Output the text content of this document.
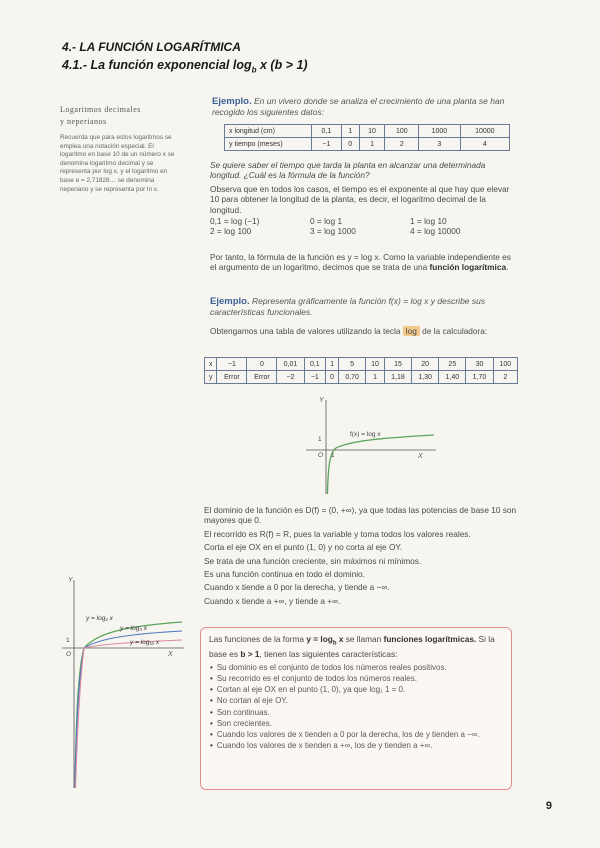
4.- LA FUNCIÓN LOGARÍTMICA
4.1.- La función exponencial $\log_b x$ (b > 1)
Logaritmos decimales
y neperianos
Recuerda que para estos logaritmos se emplea una notación especial. El logaritmo en base 10 de un número x se denomina logaritmo decimal y se representa por log x, y el logaritmo en base e = 2,71828… se denomina neperiano y se representa por ln x.
Ejemplo. En un vivero donde se analiza el crecimiento de una planta se han recogido los siguientes datos:
x longitud (cm)	0,1	1	10	100	1000	10000
y tiempo (meses)	−1	0	1	2	3	4
Se quiere saber el tiempo que tarda la planta en alcanzar una determinada longitud. ¿Cuál es la fórmula de la función?
Observa que en todos los casos, el tiempo es el exponente al que hay que elevar 10 para obtener la longitud de la planta, es decir, el logaritmo decimal de la longitud.
0,1 = log (−1)	0 = log 1	1 = log 10
2 = log 100	3 = log 1000	4 = log 10000
Por tanto, la fórmula de la función es y = log x. Como la variable independiente es el argumento de un logaritmo, decimos que se trata de una función logarítmica.
Ejemplo. Representa gráficamente la función f(x) = log x y describe sus características funcionales.
Obtengamos una tabla de valores utilizando la tecla log de la calculadora:
x	−1	0	0,01	0,1	1	5	10	15	20	25	30	100
y	Error	Error	−2	−1	0	0,70	1	1,18	1,30	1,40	1,70	2
Y
X
f(x) = log x
1
O 1
El dominio de la función es D(f) = (0, +∞), ya que todas las potencias de base 10 son mayores que 0.
El recorrido es R(f) = R, pues la variable y toma todos los valores reales.
Corta el eje OX en el punto (1, 0) y no corta al eje OY.
Se trata de una función creciente, sin máximos ni mínimos.
Es una función continua en todo el dominio.
Cuando x tiende a 0 por la derecha, y tiende a −∞.
Cuando x tiende a +∞, y tiende a +∞.
Y
X
O
1
y = log₂ x
y = log₃ x
y = log₁₀ x	Las funciones de la forma $y = \log_b x$ se llaman funciones logarítmicas. Si la base es b > 1, tienen las siguientes características:
• Su dominio es el conjunto de todos los números reales positivos.
• Su recorrido es el conjunto de todos los números reales.
• Cortan al eje OX en el punto (1, 0), ya que log₁ 1 = 0.
• No cortan al eje OY.
• Son continuas.
• Son crecientes.
• Cuando los valores de x tienden a 0 por la derecha, los de y tienden a −∞.
• Cuando los valores de x tienden a +∞, los de y tienden a +∞.
9
